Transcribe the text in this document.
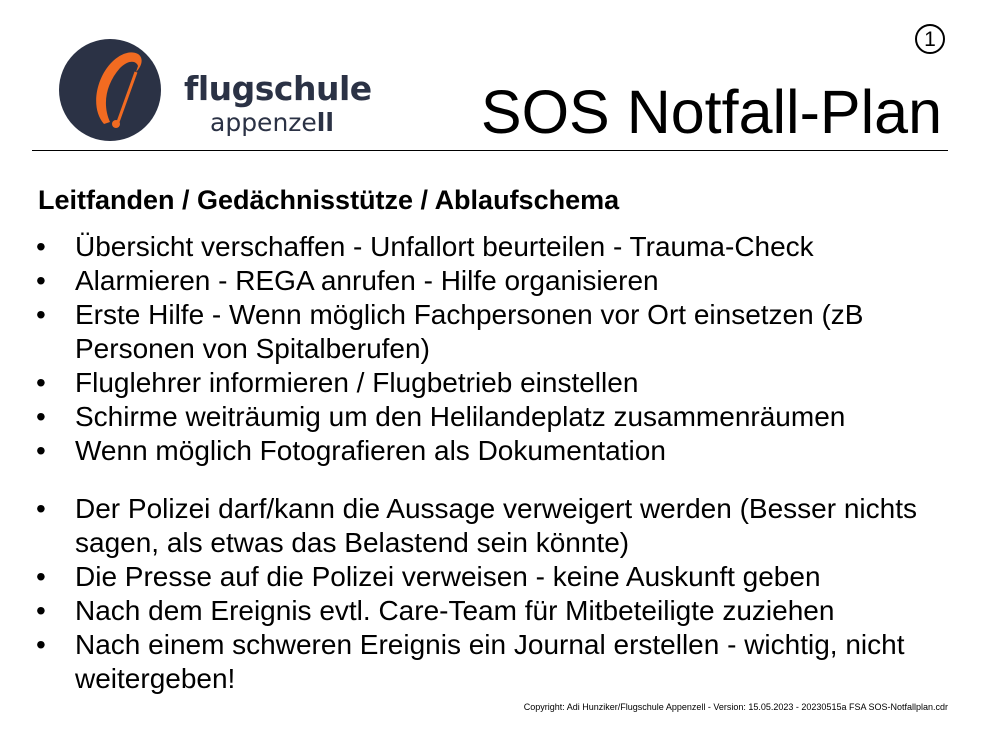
flugschule
appenzell
1
SOS Notfall-Plan
Leitfanden / Gedächnisstütze / Ablaufschema
• Übersicht verschaffen - Unfallort beurteilen - Trauma-Check
• Alarmieren - REGA anrufen - Hilfe organisieren
• Erste Hilfe - Wenn möglich Fachpersonen vor Ort einsetzen (zB Personen von Spitalberufen)
• Fluglehrer informieren / Flugbetrieb einstellen
• Schirme weiträumig um den Helilandeplatz zusammenräumen
• Wenn möglich Fotografieren als Dokumentation
• Der Polizei darf/kann die Aussage verweigert werden (Besser nichts sagen, als etwas das Belastend sein könnte)
• Die Presse auf die Polizei verweisen - keine Auskunft geben
• Nach dem Ereignis evtl. Care-Team für Mitbeteiligte zuziehen
• Nach einem schweren Ereignis ein Journal erstellen - wichtig, nicht weitergeben!
Copyright: Adi Hunziker/Flugschule Appenzell - Version: 15.05.2023 - 20230515a FSA SOS-Notfallplan.cdr
